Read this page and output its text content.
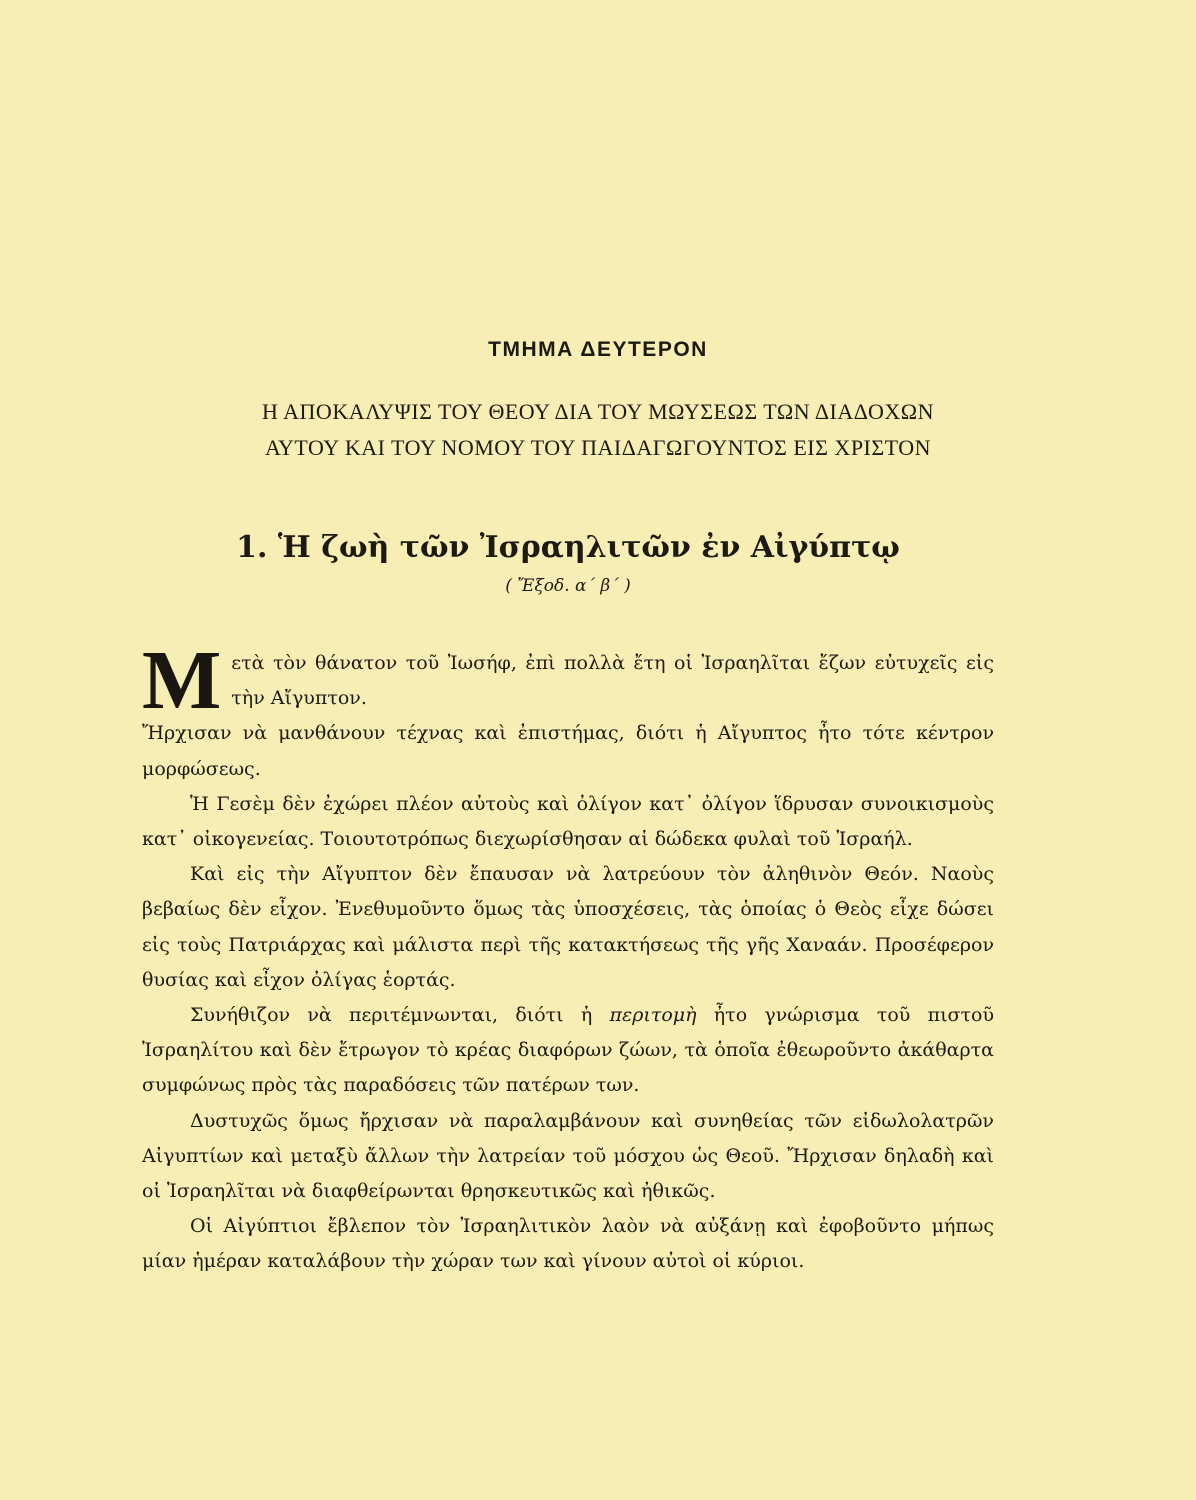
ΤΜΗΜΑ ΔΕΥΤΕΡΟΝ
Η ΑΠΟΚΑΛΥΨΙΣ ΤΟΥ ΘΕΟΥ ΔΙΑ ΤΟΥ ΜΩΥΣΕΩΣ ΤΩΝ ΔΙΑΔΟΧΩΝ
ΑΥΤΟΥ ΚΑΙ ΤΟΥ ΝΟΜΟΥ ΤΟΥ ΠΑΙΔΑΓΩΓΟΥΝΤΟΣ ΕΙΣ ΧΡΙΣΤΟΝ
1. Ἡ ζωὴ τῶν Ἰσραηλιτῶν ἐν Αἰγύπτῳ
( Ἔξοδ. α΄ β΄ )

Μετὰ τὸν θάνατον τοῦ Ἰωσήφ, ἐπὶ πολλὰ ἔτη οἱ Ἰσραηλῖται ἔζων εὐτυχεῖς εἰς τὴν Αἴγυπτον.

Ἤρχισαν νὰ μανθάνουν τέχνας καὶ ἐπιστήμας, διότι ἡ Αἴγυπτος ἦτο τότε κέντρον μορφώσεως.

Ἡ Γεσὲμ δὲν ἐχώρει πλέον αὐτοὺς καὶ ὀλίγον κατ᾽ ὀλίγον ἵδρυσαν συνοικισμοὺς κατ᾽ οἰκογενείας. Τοιουτοτρόπως διεχωρίσθησαν αἱ δώδεκα φυλαὶ τοῦ Ἰσραήλ.

Καὶ εἰς τὴν Αἴγυπτον δὲν ἔπαυσαν νὰ λατρεύουν τὸν ἀληθινὸν Θεόν. Ναοὺς βεβαίως δὲν εἶχον. Ἐνεθυμοῦντο ὅμως τὰς ὑποσχέσεις, τὰς ὁποίας ὁ Θεὸς εἶχε δώσει εἰς τοὺς Πατριάρχας καὶ μάλιστα περὶ τῆς κατακτήσεως τῆς γῆς Χαναάν. Προσέφερον θυσίας καὶ εἶχον ὀλίγας ἑορτάς.

Συνήθιζον νὰ περιτέμνωνται, διότι ἡ περιτομὴ ἦτο γνώρισμα τοῦ πιστοῦ Ἰσραηλίτου καὶ δὲν ἔτρωγον τὸ κρέας διαφόρων ζώων, τὰ ὁποῖα ἐθεωροῦντο ἀκάθαρτα συμφώνως πρὸς τὰς παραδόσεις τῶν πατέρων των.

Δυστυχῶς ὅμως ἤρχισαν νὰ παραλαμβάνουν καὶ συνηθείας τῶν εἰδωλολατρῶν Αἰγυπτίων καὶ μεταξὺ ἄλλων τὴν λατρείαν τοῦ μόσχου ὡς Θεοῦ. Ἤρχισαν δηλαδὴ καὶ οἱ Ἰσραηλῖται νὰ διαφθείρωνται θρησκευτικῶς καὶ ἠθικῶς.

Οἱ Αἰγύπτιοι ἔβλεπον τὸν Ἰσραηλιτικὸν λαὸν νὰ αὐξάνῃ καὶ ἐφοβοῦντο μήπως μίαν ἡμέραν καταλάβουν τὴν χώραν των καὶ γίνουν αὐτοὶ οἱ κύριοι.
